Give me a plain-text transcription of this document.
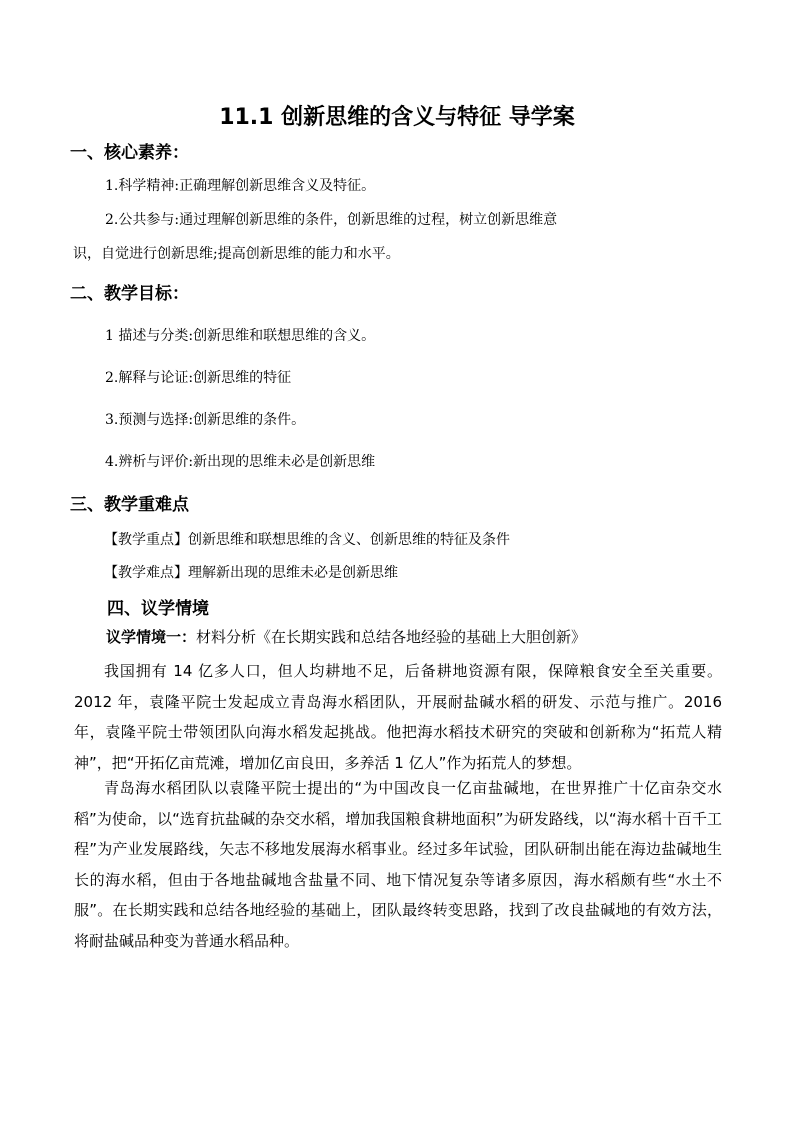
11.1 创新思维的含义与特征 导学案
一、核心素养：
1.科学精神:正确理解创新思维含义及特征。
2.公共参与:通过理解创新思维的条件，创新思维的过程，树立创新思维意
识，自觉进行创新思维;提高创新思维的能力和水平。
二、教学目标：
1 描述与分类:创新思维和联想思维的含义。
2.解释与论证:创新思维的特征
3.预测与选择:创新思维的条件。
4.辨析与评价:新出现的思维未必是创新思维
三、教学重难点
【教学重点】创新思维和联想思维的含义、创新思维的特征及条件
【教学难点】理解新出现的思维未必是创新思维
四、议学情境
议学情境一：材料分析《在长期实践和总结各地经验的基础上大胆创新》

我国拥有 14 亿多人口，但人均耕地不足，后备耕地资源有限，保障粮食安全至关重要。2012 年，袁隆平院士发起成立青岛海水稻团队，开展耐盐碱水稻的研发、示范与推广。2016 年，袁隆平院士带领团队向海水稻发起挑战。他把海水稻技术研究的突破和创新称为“拓荒人精神”，把“开拓亿亩荒滩，增加亿亩良田，多养活 1 亿人”作为拓荒人的梦想。

青岛海水稻团队以袁隆平院士提出的“为中国改良一亿亩盐碱地，在世界推广十亿亩杂交水稻”为使命，以“选育抗盐碱的杂交水稻，增加我国粮食耕地面积”为研发路线，以“海水稻十百千工程”为产业发展路线，矢志不移地发展海水稻事业。经过多年试验，团队研制出能在海边盐碱地生长的海水稻，但由于各地盐碱地含盐量不同、地下情况复杂等诸多原因，海水稻颇有些“水土不服”。在长期实践和总结各地经验的基础上，团队最终转变思路，找到了改良盐碱地的有效方法，将耐盐碱品种变为普通水稻品种。
